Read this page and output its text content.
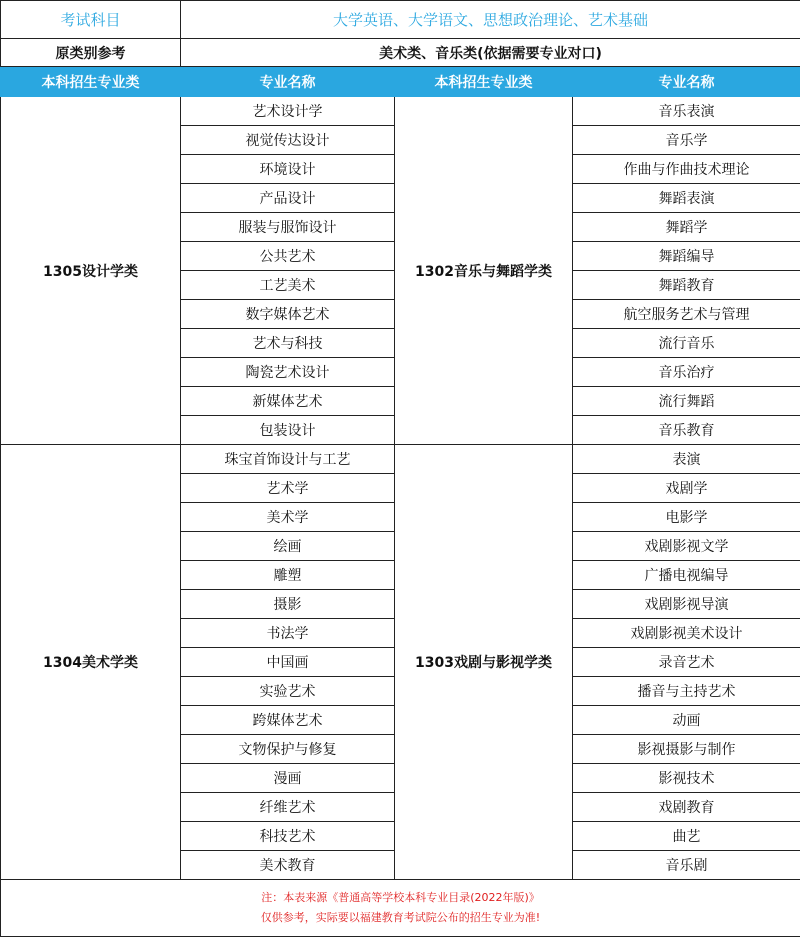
考试科目	大学英语、大学语文、思想政治理论、艺术基础		
原类别参考	美术类、音乐类(依据需要专业对口)		
本科招生专业类	专业名称	本科招生专业类	专业名称
1305设计学类	艺术设计学	1302音乐与舞蹈学类	音乐表演
	视觉传达设计		音乐学
	环境设计		作曲与作曲技术理论
	产品设计		舞蹈表演
	服装与服饰设计		舞蹈学
	公共艺术		舞蹈编导
	工艺美术		舞蹈教育
	数字媒体艺术		航空服务艺术与管理
	艺术与科技		流行音乐
	陶瓷艺术设计		音乐治疗
	新媒体艺术		流行舞蹈
	包装设计		音乐教育
1304美术学类	珠宝首饰设计与工艺	1303戏剧与影视学类	表演
	艺术学		戏剧学
	美术学		电影学
	绘画		戏剧影视文学
	雕塑		广播电视编导
	摄影		戏剧影视导演
	书法学		戏剧影视美术设计
	中国画		录音艺术
	实验艺术		播音与主持艺术
	跨媒体艺术		动画
	文物保护与修复		影视摄影与制作
	漫画		影视技术
	纤维艺术		戏剧教育
	科技艺术		曲艺
	美术教育		音乐剧

注：本表来源《普通高等学校本科专业目录(2022年版)》
仅供参考，实际要以福建教育考试院公布的招生专业为准!			
